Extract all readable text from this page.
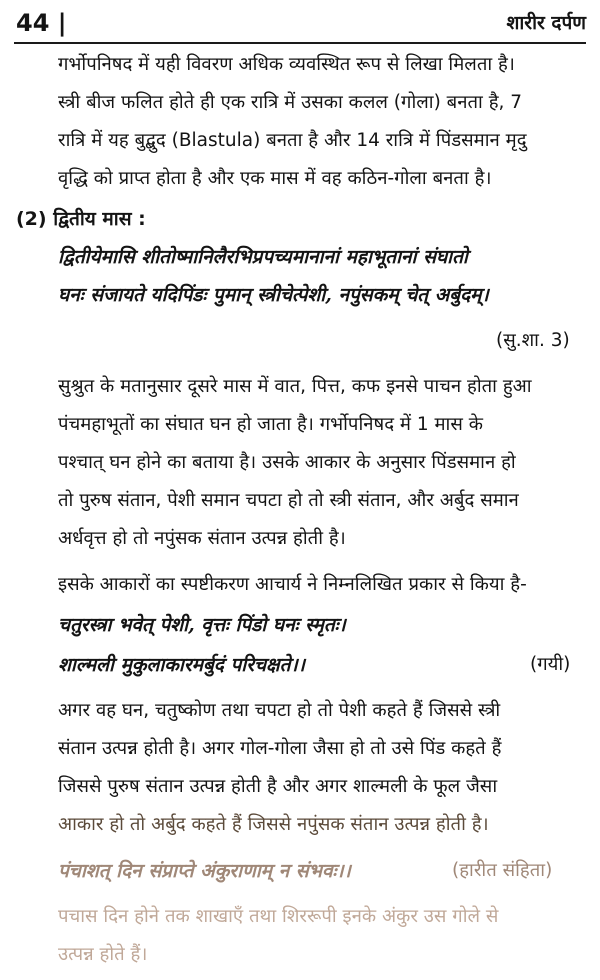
44 |	शारीर दर्पण
गर्भोपनिषद में यही विवरण अधिक व्यवस्थित रूप से लिखा मिलता है।
स्त्री बीज फलित होते ही एक रात्रि में उसका कलल (गोला) बनता है, 7
रात्रि में यह बुद्बुद (Blastula) बनता है और 14 रात्रि में पिंडसमान मृदु
वृद्धि को प्राप्त होता है और एक मास में वह कठिन-गोला बनता है।
(2) द्वितीय मास :
द्वितीयेमासि शीतोष्मानिलैरभिप्रपच्यमानानां महाभूतानां संघातो
घनः संजायते यदिपिंडः पुमान् स्त्रीचेत्पेशी, नपुंसकम् चेत् अर्बुदम्।
(सु.शा. 3)
सुश्रुत के मतानुसार दूसरे मास में वात, पित्त, कफ इनसे पाचन होता हुआ
पंचमहाभूतों का संघात घन हो जाता है। गर्भोपनिषद में 1 मास के
पश्चात् घन होने का बताया है। उसके आकार के अनुसार पिंडसमान हो
तो पुरुष संतान, पेशी समान चपटा हो तो स्त्री संतान, और अर्बुद समान
अर्धवृत्त हो तो नपुंसक संतान उत्पन्न होती है।
इसके आकारों का स्पष्टीकरण आचार्य ने निम्नलिखित प्रकार से किया है-
चतुरस्त्रा भवेत् पेशी, वृत्तः पिंडो घनः स्मृतः।
शाल्मली मुकुलाकारमर्बुदं परिचक्षते।।	(गयी)
अगर वह घन, चतुष्कोण तथा चपटा हो तो पेशी कहते हैं जिससे स्त्री
संतान उत्पन्न होती है। अगर गोल-गोला जैसा हो तो उसे पिंड कहते हैं
जिससे पुरुष संतान उत्पन्न होती है और अगर शाल्मली के फूल जैसा
आकार हो तो अर्बुद कहते हैं जिससे नपुंसक संतान उत्पन्न होती है।
पंचाशत् दिन संप्राप्ते अंकुराणाम् न संभवः।।	(हारीत संहिता)
पचास दिन होने तक शाखाएँ तथा शिररूपी इनके अंकुर उस गोले से
उत्पन्न होते हैं।
